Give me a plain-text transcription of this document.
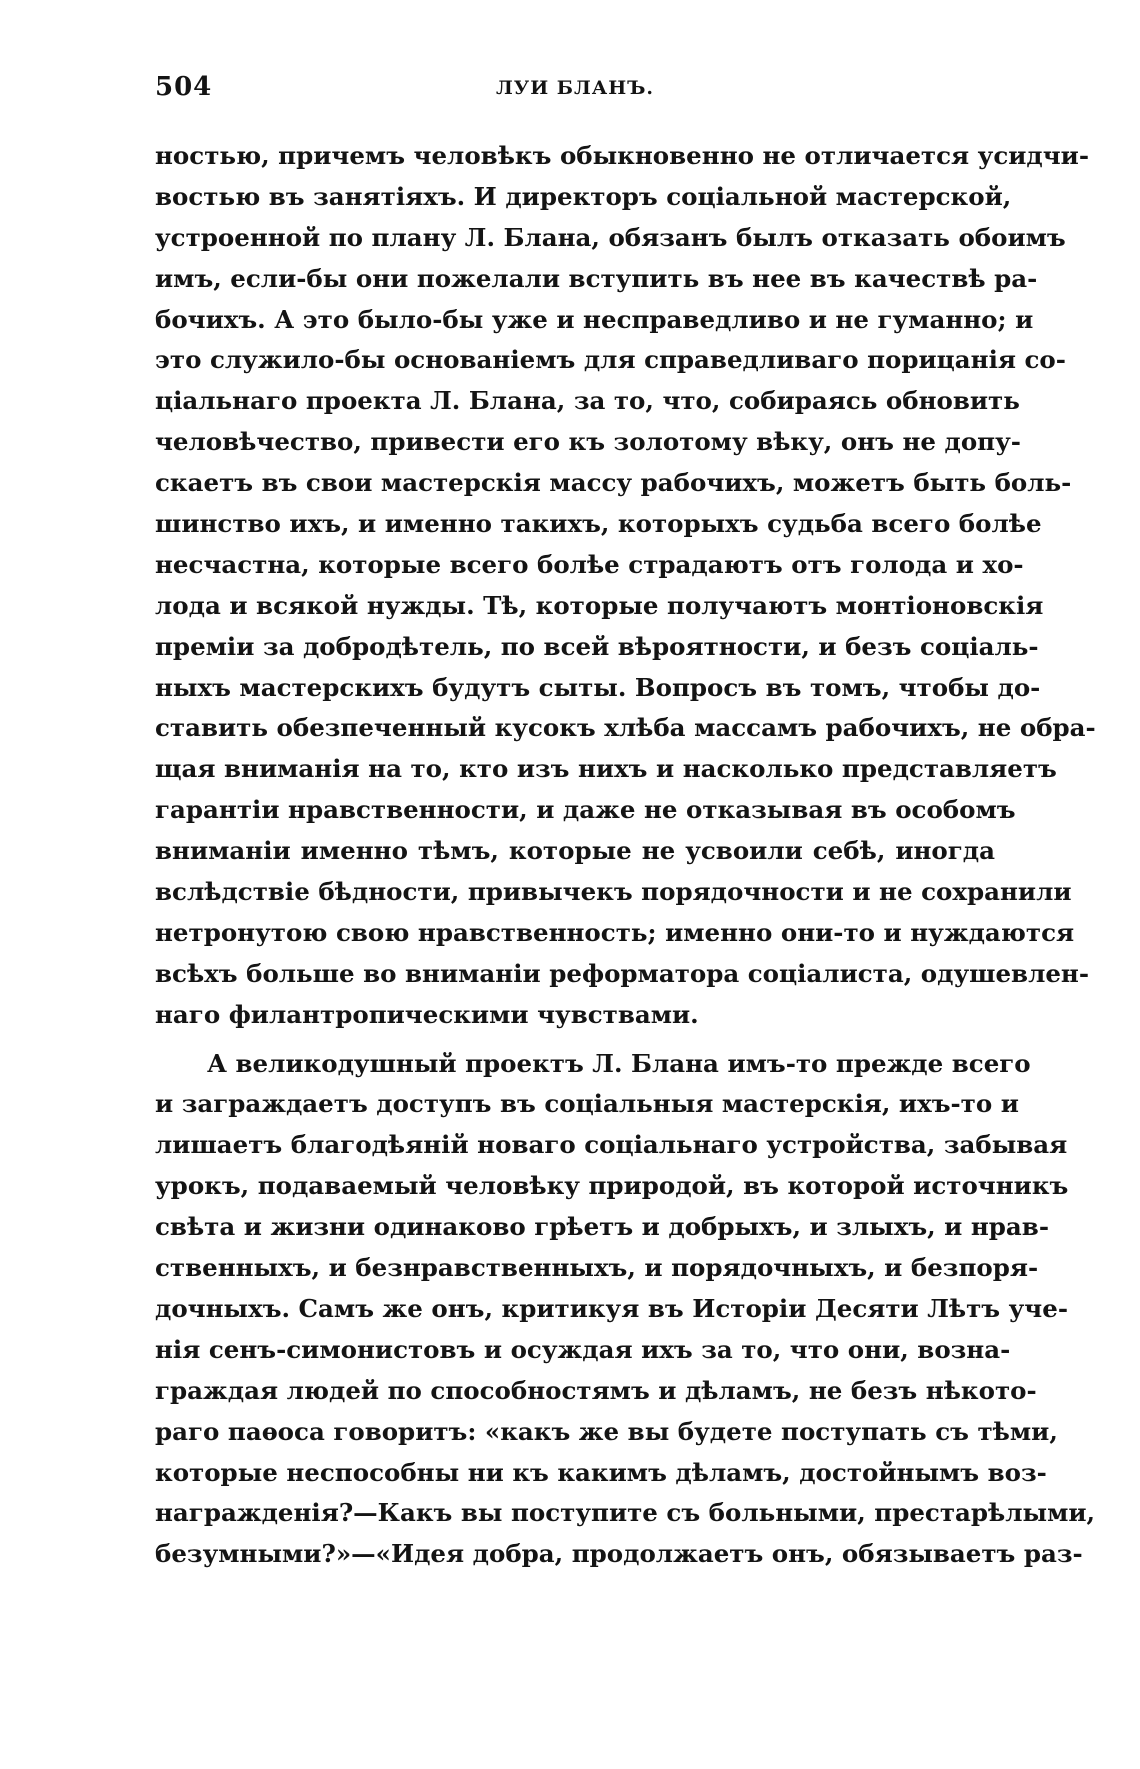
504	ЛУИ БЛАНЪ.
ностью, причемъ человѣкъ обыкновенно не отличается усидчи-
востью въ занятіяхъ. И директоръ соціальной мастерской,
устроенной по плану Л. Блана, обязанъ былъ отказать обоимъ
имъ, если-бы они пожелали вступить въ нее въ качествѣ ра-
бочихъ. А это было-бы уже и несправедливо и не гуманно; и
это служило-бы основаніемъ для справедливаго порицанія со-
ціальнаго проекта Л. Блана, за то, что, собираясь обновить
человѣчество, привести его къ золотому вѣку, онъ не допу-
скаетъ въ свои мастерскія массу рабочихъ, можетъ быть боль-
шинство ихъ, и именно такихъ, которыхъ судьба всего болѣе
несчастна, которые всего болѣе страдаютъ отъ голода и хо-
лода и всякой нужды. Тѣ, которые получаютъ монтіоновскія
преміи за добродѣтель, по всей вѣроятности, и безъ соціаль-
ныхъ мастерскихъ будутъ сыты. Вопросъ въ томъ, чтобы до-
ставить обезпеченный кусокъ хлѣба массамъ рабочихъ, не обра-
щая вниманія на то, кто изъ нихъ и насколько представляетъ
гарантіи нравственности, и даже не отказывая въ особомъ
вниманіи именно тѣмъ, которые не усвоили себѣ, иногда
вслѣдствіе бѣдности, привычекъ порядочности и не сохранили
нетронутою свою нравственность; именно они-то и нуждаются
всѣхъ больше во вниманіи реформатора соціалиста, одушевлен-
наго филантропическими чувствами.
А великодушный проектъ Л. Блана имъ-то прежде всего
и заграждаетъ доступъ въ соціальныя мастерскія, ихъ-то и
лишаетъ благодѣяній новаго соціальнаго устройства, забывая
урокъ, подаваемый человѣку природой, въ которой источникъ
свѣта и жизни одинаково грѣетъ и добрыхъ, и злыхъ, и нрав-
ственныхъ, и безнравственныхъ, и порядочныхъ, и безпоря-
дочныхъ. Самъ же онъ, критикуя въ Исторіи Десяти Лѣтъ уче-
нія сенъ-симонистовъ и осуждая ихъ за то, что они, возна-
граждая людей по способностямъ и дѣламъ, не безъ нѣкото-
раго паѳоса говоритъ: «какъ же вы будете поступать съ тѣми,
которые неспособны ни къ какимъ дѣламъ, достойнымъ воз-
награжденія?—Какъ вы поступите съ больными, престарѣлыми,
безумными?»—«Идея добра, продолжаетъ онъ, обязываетъ раз-
